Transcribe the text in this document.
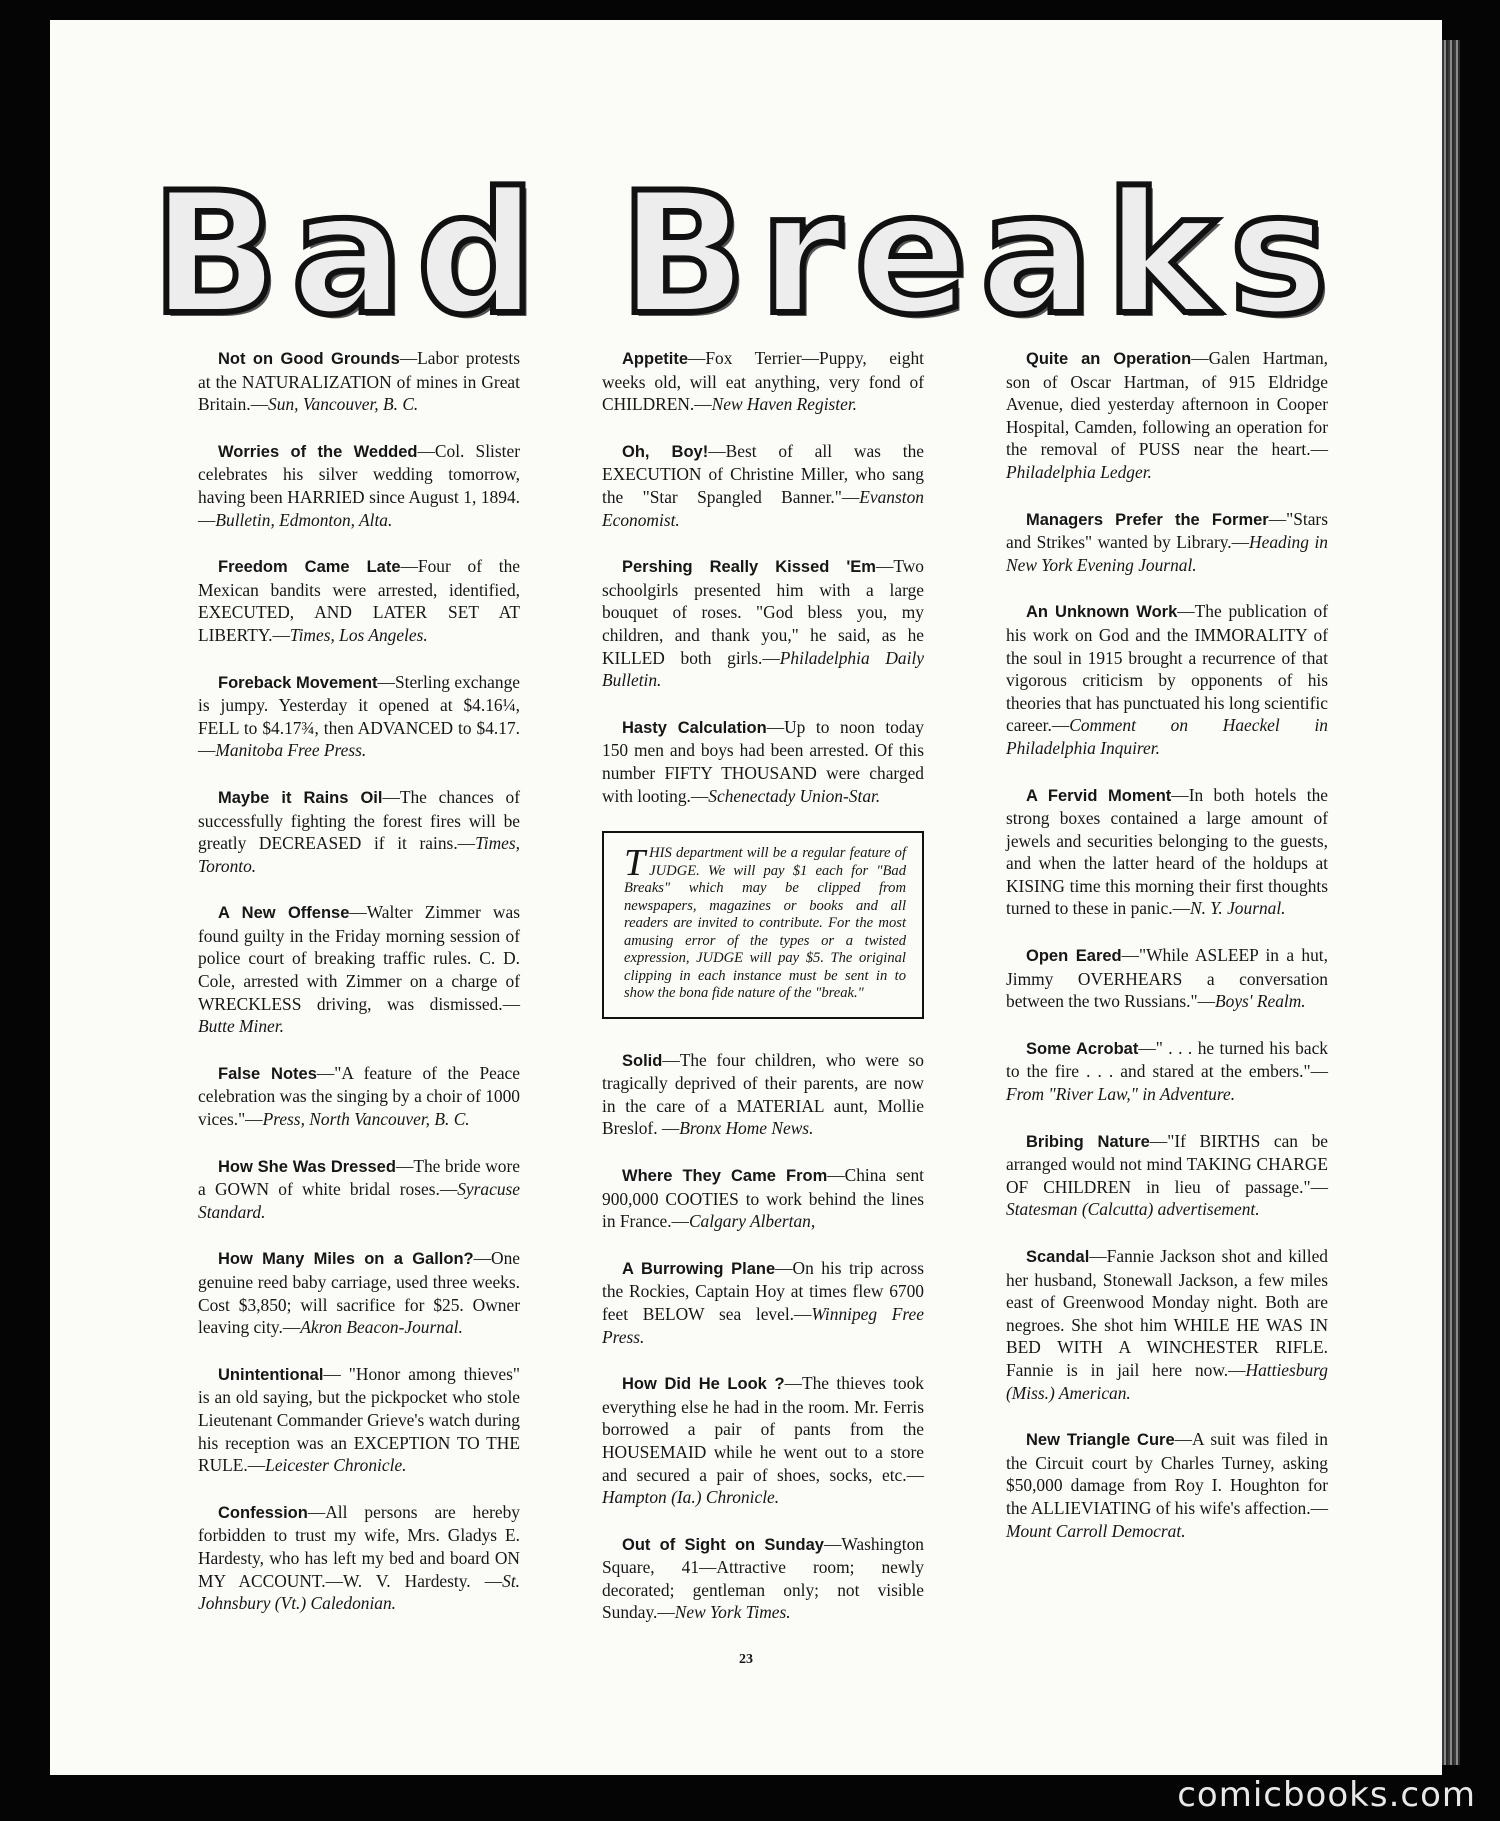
Bad Breaks

Not on Good Grounds—Labor protests at the NATURALIZATION of mines in Great Britain.—Sun, Vancouver, B. C.

Worries of the Wedded—Col. Slister celebrates his silver wedding tomorrow, having been HARRIED since August 1, 1894.—Bulletin, Edmonton, Alta.

Freedom Came Late—Four of the Mexican bandits were arrested, identified, EXECUTED, AND LATER SET AT LIBERTY.—Times, Los Angeles.

Foreback Movement—Sterling exchange is jumpy. Yesterday it opened at $4.16¼, FELL to $4.17¾, then ADVANCED to $4.17.—Manitoba Free Press.

Maybe it Rains Oil—The chances of successfully fighting the forest fires will be greatly DECREASED if it rains.—Times, Toronto.

A New Offense—Walter Zimmer was found guilty in the Friday morning session of police court of breaking traffic rules. C. D. Cole, arrested with Zimmer on a charge of WRECKLESS driving, was dismissed.—Butte Miner.

False Notes—"A feature of the Peace celebration was the singing by a choir of 1000 vices."—Press, North Vancouver, B. C.

How She Was Dressed—The bride wore a GOWN of white bridal roses.—Syracuse Standard.

How Many Miles on a Gallon?—One genuine reed baby carriage, used three weeks. Cost $3,850; will sacrifice for $25. Owner leaving city.—Akron Beacon-Journal.

Unintentional— "Honor among thieves" is an old saying, but the pickpocket who stole Lieutenant Commander Grieve's watch during his reception was an EXCEPTION TO THE RULE.—Leicester Chronicle.

Confession—All persons are hereby forbidden to trust my wife, Mrs. Gladys E. Hardesty, who has left my bed and board ON MY ACCOUNT.—W. V. Hardesty. —St. Johnsbury (Vt.) Caledonian.

Appetite—Fox Terrier—Puppy, eight weeks old, will eat anything, very fond of CHILDREN.—New Haven Register.

Oh, Boy!—Best of all was the EXECUTION of Christine Miller, who sang the "Star Spangled Banner."—Evanston Economist.

Pershing Really Kissed 'Em—Two schoolgirls presented him with a large bouquet of roses. "God bless you, my children, and thank you," he said, as he KILLED both girls.—Philadelphia Daily Bulletin.

Hasty Calculation—Up to noon today 150 men and boys had been arrested. Of this number FIFTY THOUSAND were charged with looting.—Schenectady Union-Star.

THIS department will be a regular feature of JUDGE. We will pay $1 each for "Bad Breaks" which may be clipped from newspapers, magazines or books and all readers are invited to contribute. For the most amusing error of the types or a twisted expression, JUDGE will pay $5. The original clipping in each instance must be sent in to show the bona fide nature of the "break."

Solid—The four children, who were so tragically deprived of their parents, are now in the care of a MATERIAL aunt, Mollie Breslof. —Bronx Home News.

Where They Came From—China sent 900,000 COOTIES to work behind the lines in France.—Calgary Albertan,

A Burrowing Plane—On his trip across the Rockies, Captain Hoy at times flew 6700 feet BELOW sea level.—Winnipeg Free Press.

How Did He Look ?—The thieves took everything else he had in the room. Mr. Ferris borrowed a pair of pants from the HOUSEMAID while he went out to a store and secured a pair of shoes, socks, etc.—Hampton (Ia.) Chronicle.

Out of Sight on Sunday—Washington Square, 41—Attractive room; newly decorated; gentleman only; not visible Sunday.—New York Times.

Quite an Operation—Galen Hartman, son of Oscar Hartman, of 915 Eldridge Avenue, died yesterday afternoon in Cooper Hospital, Camden, following an operation for the removal of PUSS near the heart.—Philadelphia Ledger.

Managers Prefer the Former—"Stars and Strikes" wanted by Library.—Heading in New York Evening Journal.

An Unknown Work—The publication of his work on God and the IMMORALITY of the soul in 1915 brought a recurrence of that vigorous criticism by opponents of his theories that has punctuated his long scientific career.—Comment on Haeckel in Philadelphia Inquirer.

A Fervid Moment—In both hotels the strong boxes contained a large amount of jewels and securities belonging to the guests, and when the latter heard of the holdups at KISING time this morning their first thoughts turned to these in panic.—N. Y. Journal.

Open Eared—"While ASLEEP in a hut, Jimmy OVERHEARS a conversation between the two Russians."—Boys' Realm.

Some Acrobat—" . . . he turned his back to the fire . . . and stared at the embers."—From "River Law," in Adventure.

Bribing Nature—"If BIRTHS can be arranged would not mind TAKING CHARGE OF CHILDREN in lieu of passage."—Statesman (Calcutta) advertisement.

Scandal—Fannie Jackson shot and killed her husband, Stonewall Jackson, a few miles east of Greenwood Monday night. Both are negroes. She shot him WHILE HE WAS IN BED WITH A WINCHESTER RIFLE. Fannie is in jail here now.—Hattiesburg (Miss.) American.

New Triangle Cure—A suit was filed in the Circuit court by Charles Turney, asking $50,000 damage from Roy I. Houghton for the ALLIEVIATING of his wife's affection.—Mount Carroll Democrat.

23
comicbooks.com
